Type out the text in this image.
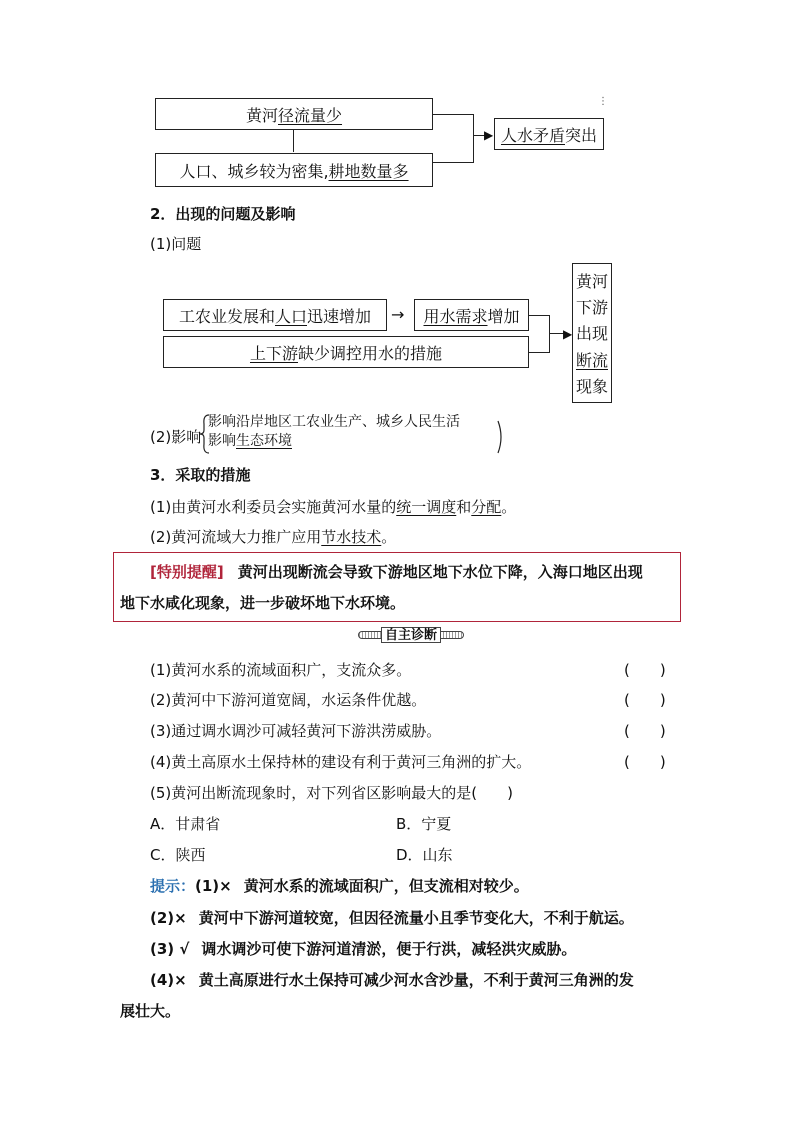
黄河 径流量少
人口、城乡较为密集, 耕地数量多
▶ 人水矛盾 突出
⋮
2．出现的问题及影响
(1)问题
工农业发展和 人口 迅速增加 → 用水需求 增加
上下游 缺少调控用水的措施
▶
黄河
下游
出现
断流
现象
(2)影响
影响沿岸地区工农业生产、城乡人民生活
影响生态环境
3．采取的措施
(1)由黄河水利委员会实施黄河水量的统一调度和分配。
(2)黄河流域大力推广应用节水技术。
[特别提醒] 黄河出现断流会导致下游地区地下水位下降，入海口地区出现
地下水咸化现象，进一步破坏地下水环境。
自主诊断
(1)黄河水系的流域面积广，支流众多。	(　　)
(2)黄河中下游河道宽阔，水运条件优越。	(　　)
(3)通过调水调沙可减轻黄河下游洪涝威胁。	(　　)
(4)黄土高原水土保持林的建设有利于黄河三角洲的扩大。	(　　)
(5)黄河出断流现象时，对下列省区影响最大的是(　　)
A．甘肃省	B．宁夏
C．陕西	D．山东
提示：(1)× 黄河水系的流域面积广，但支流相对较少。
(2)× 黄河中下游河道较宽，但因径流量小且季节变化大，不利于航运。
(3) √ 调水调沙可使下游河道清淤，便于行洪，减轻洪灾威胁。
(4)× 黄土高原进行水土保持可减少河水含沙量，不利于黄河三角洲的发
展壮大。
